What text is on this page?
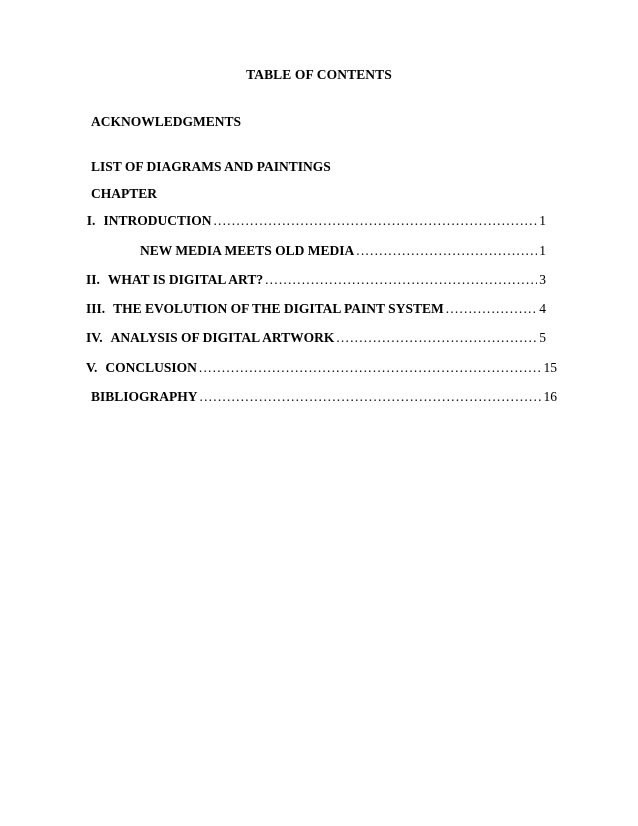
TABLE OF CONTENTS
ACKNOWLEDGMENTS
LIST OF DIAGRAMS AND PAINTINGS
CHAPTER
I. INTRODUCTION .....	1
NEW MEDIA MEETS OLD MEDIA .....	1
II. WHAT IS DIGITAL ART? .....	3
III. THE EVOLUTION OF THE DIGITAL PAINT SYSTEM .....	4
IV. ANALYSIS OF DIGITAL ARTWORK .....	5
V. CONCLUSION .....	15
BIBLIOGRAPHY .....	16
